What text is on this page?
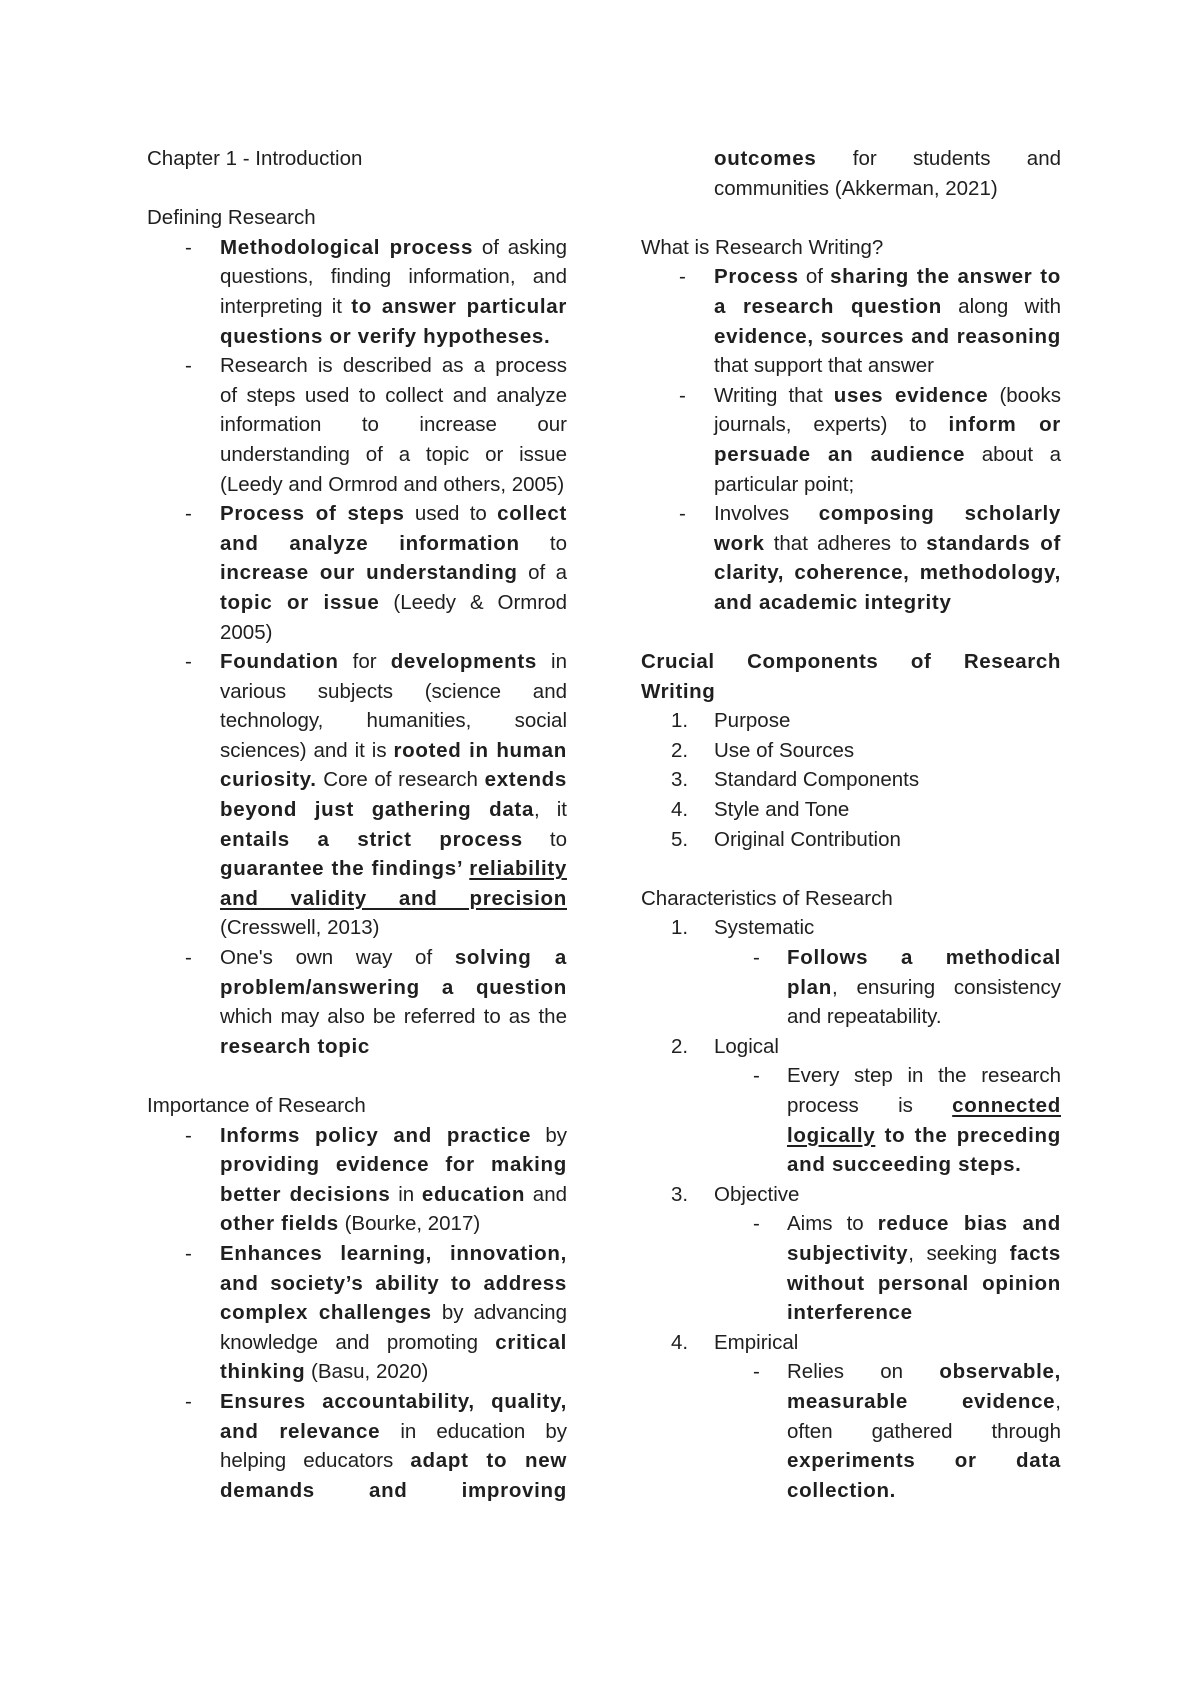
Chapter 1 - Introduction

Defining Research

- Methodological process of asking questions, finding information, and interpreting it to answer particular questions or verify hypotheses.
- Research is described as a process of steps used to collect and analyze information to increase our understanding of a topic or issue (Leedy and Ormrod and others, 2005)
- Process of steps used to collect and analyze information to increase our understanding of a topic or issue (Leedy & Ormrod 2005)
- Foundation for developments in various subjects (science and technology, humanities, social sciences) and it is rooted in human curiosity. Core of research extends beyond just gathering data, it entails a strict process to guarantee the findings’ reliability and validity and precision (Cresswell, 2013)
- One's own way of solving a problem/answering a question which may also be referred to as the research topic

Importance of Research

- Informs policy and practice by providing evidence for making better decisions in education and other fields (Bourke, 2017)
- Enhances learning, innovation, and society’s ability to address complex challenges by advancing knowledge and promoting critical thinking (Basu, 2020)
- Ensures accountability, quality, and relevance in education by helping educators adapt to new demands and improving
outcomes for students and communities (Akkerman, 2021)

What is Research Writing?

- Process of sharing the answer to a research question along with evidence, sources and reasoning that support that answer
- Writing that uses evidence (books journals, experts) to inform or persuade an audience about a particular point;
- Involves composing scholarly work that adheres to standards of clarity, coherence, methodology, and academic integrity

Crucial Components of Research Writing

1. Purpose
2. Use of Sources
3. Standard Components
4. Style and Tone
5. Original Contribution

Characteristics of Research

1. Systematic
- Follows a methodical plan, ensuring consistency and repeatability.
2. Logical
- Every step in the research process is connected logically to the preceding and succeeding steps.
3. Objective
- Aims to reduce bias and subjectivity, seeking facts without personal opinion interference
4. Empirical
- Relies on observable, measurable evidence, often gathered through experiments or data collection.
